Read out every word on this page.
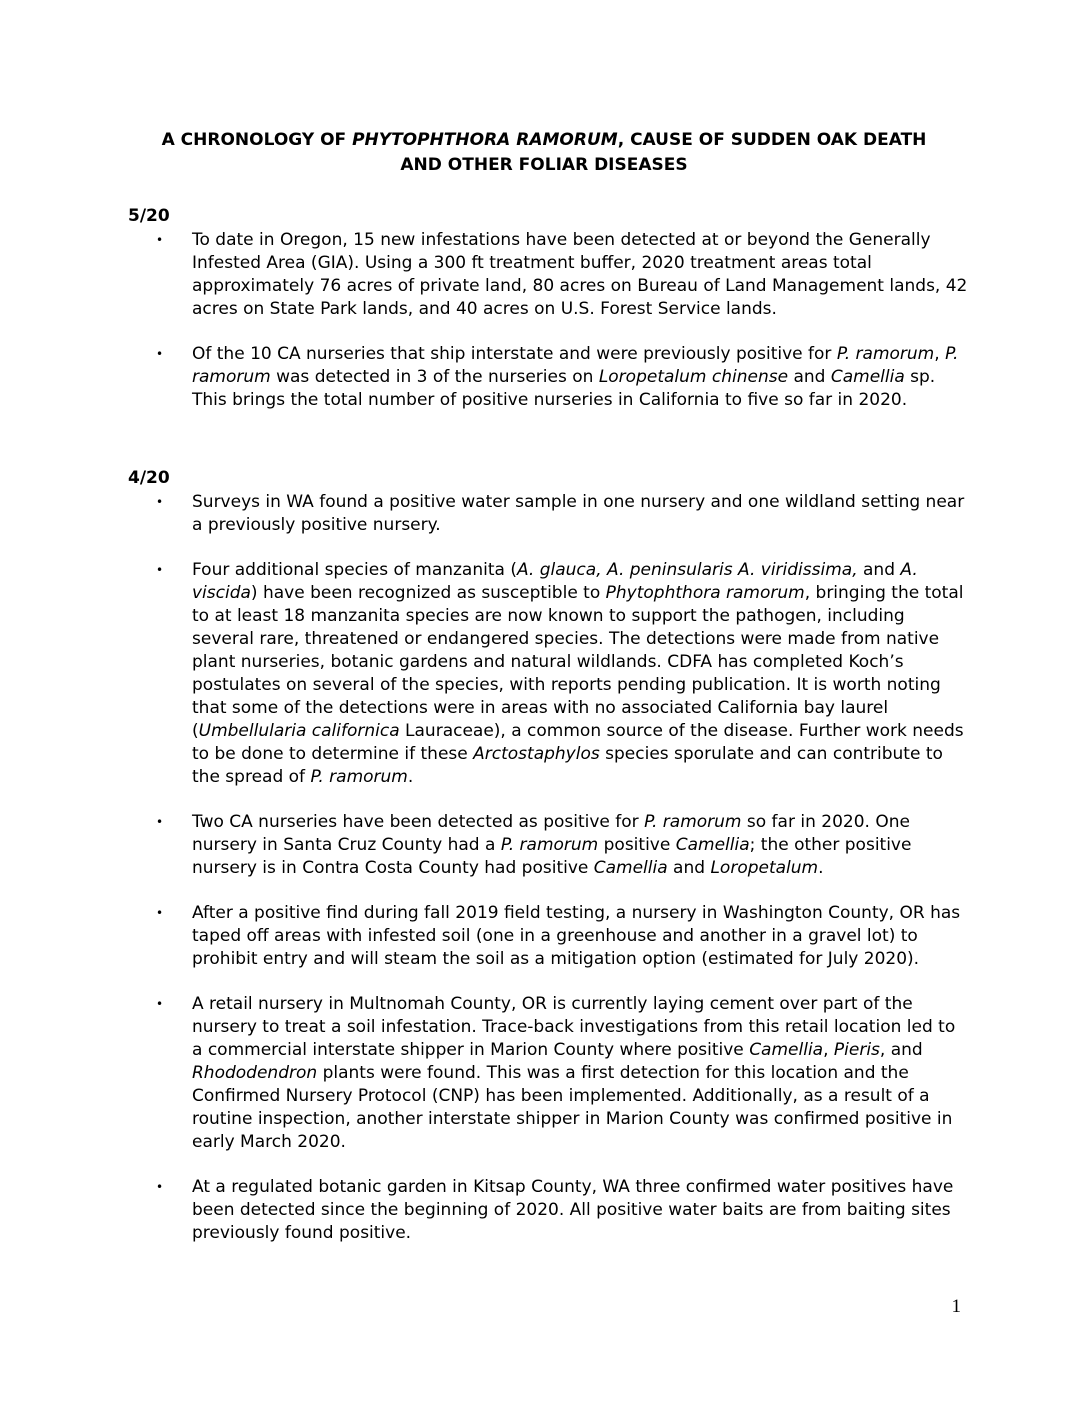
A CHRONOLOGY OF PHYTOPHTHORA RAMORUM, CAUSE OF SUDDEN OAK DEATH AND OTHER FOLIAR DISEASES
5/20
• To date in Oregon, 15 new infestations have been detected at or beyond the Generally Infested Area (GIA). Using a 300 ft treatment buffer, 2020 treatment areas total approximately 76 acres of private land, 80 acres on Bureau of Land Management lands, 42 acres on State Park lands, and 40 acres on U.S. Forest Service lands.
• Of the 10 CA nurseries that ship interstate and were previously positive for P. ramorum, P. ramorum was detected in 3 of the nurseries on Loropetalum chinense and Camellia sp. This brings the total number of positive nurseries in California to five so far in 2020.
4/20
• Surveys in WA found a positive water sample in one nursery and one wildland setting near a previously positive nursery.
• Four additional species of manzanita (A. glauca, A. peninsularis A. viridissima, and A. viscida) have been recognized as susceptible to Phytophthora ramorum, bringing the total to at least 18 manzanita species are now known to support the pathogen, including several rare, threatened or endangered species. The detections were made from native plant nurseries, botanic gardens and natural wildlands. CDFA has completed Koch’s postulates on several of the species, with reports pending publication. It is worth noting that some of the detections were in areas with no associated California bay laurel (Umbellularia californica Lauraceae), a common source of the disease. Further work needs to be done to determine if these Arctostaphylos species sporulate and can contribute to the spread of P. ramorum.
• Two CA nurseries have been detected as positive for P. ramorum so far in 2020. One nursery in Santa Cruz County had a P. ramorum positive Camellia; the other positive nursery is in Contra Costa County had positive Camellia and Loropetalum.
• After a positive find during fall 2019 field testing, a nursery in Washington County, OR has taped off areas with infested soil (one in a greenhouse and another in a gravel lot) to prohibit entry and will steam the soil as a mitigation option (estimated for July 2020).
• A retail nursery in Multnomah County, OR is currently laying cement over part of the nursery to treat a soil infestation. Trace-back investigations from this retail location led to a commercial interstate shipper in Marion County where positive Camellia, Pieris, and Rhododendron plants were found. This was a first detection for this location and the Confirmed Nursery Protocol (CNP) has been implemented. Additionally, as a result of a routine inspection, another interstate shipper in Marion County was confirmed positive in early March 2020.
• At a regulated botanic garden in Kitsap County, WA three confirmed water positives have been detected since the beginning of 2020. All positive water baits are from baiting sites previously found positive.
1
